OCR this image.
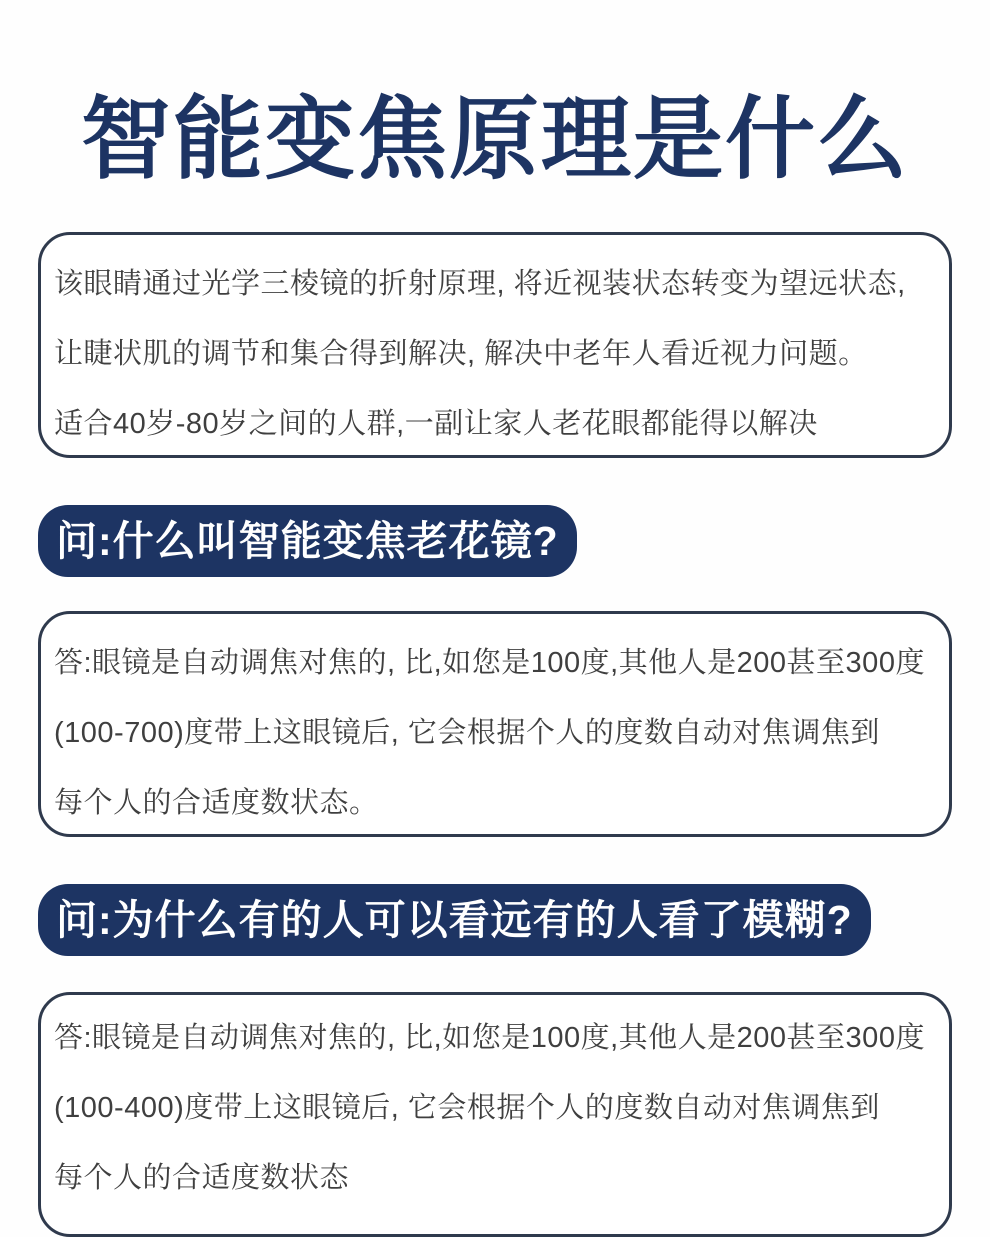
智能变焦原理是什么

该眼睛通过光学三棱镜的折射原理, 将近视装状态转变为望远状态,

让睫状肌的调节和集合得到解决, 解决中老年人看近视力问题。

适合40岁-80岁之间的人群,一副让家人老花眼都能得以解决

问:什么叫智能变焦老花镜?

答:眼镜是自动调焦对焦的, 比,如您是100度,其他人是200甚至300度

(100-700)度带上这眼镜后, 它会根据个人的度数自动对焦调焦到

每个人的合适度数状态。

问:为什么有的人可以看远有的人看了模糊?

答:眼镜是自动调焦对焦的, 比,如您是100度,其他人是200甚至300度

(100-400)度带上这眼镜后, 它会根据个人的度数自动对焦调焦到

每个人的合适度数状态
